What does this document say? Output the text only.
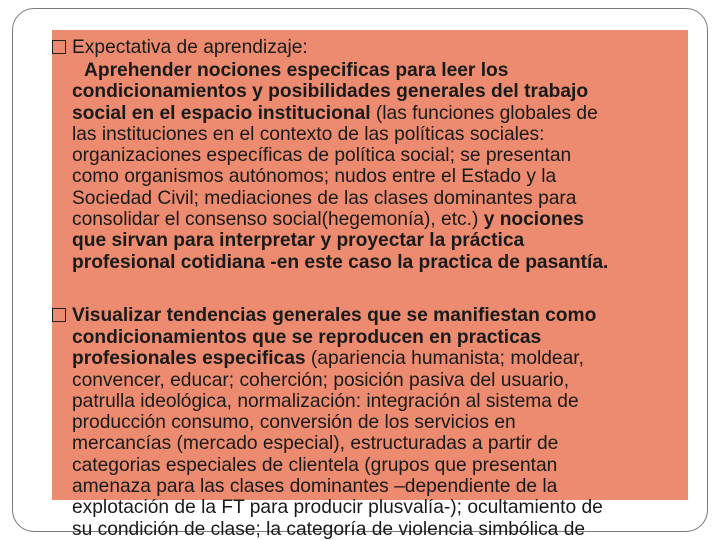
Expectativa de aprendizaje:
Aprehender nociones especificas para leer los
condicionamientos y posibilidades generales del trabajo
social en el espacio institucional (las funciones globales de
las instituciones en el contexto de las políticas sociales:
organizaciones específicas de política social; se presentan
como organismos autónomos; nudos entre el Estado y la
Sociedad Civil; mediaciones de las clases dominantes para
consolidar el consenso social(hegemonía), etc.) y nociones
que sirvan para interpretar y proyectar la práctica
profesional cotidiana -en este caso la practica de pasantía.
Visualizar tendencias generales que se manifiestan como
condicionamientos que se reproducen en practicas
profesionales especificas (apariencia humanista; moldear,
convencer, educar; coherción; posición pasiva del usuario,
patrulla ideológica, normalización: integración al sistema de
producción consumo, conversión de los servicios en
mercancías (mercado especial), estructuradas a partir de
categorias especiales de clientela (grupos que presentan
amenaza para las clases dominantes –dependiente de la
explotación de la FT para producir plusvalía-); ocultamiento de
su condición de clase; la categoría de violencia simbólica de
